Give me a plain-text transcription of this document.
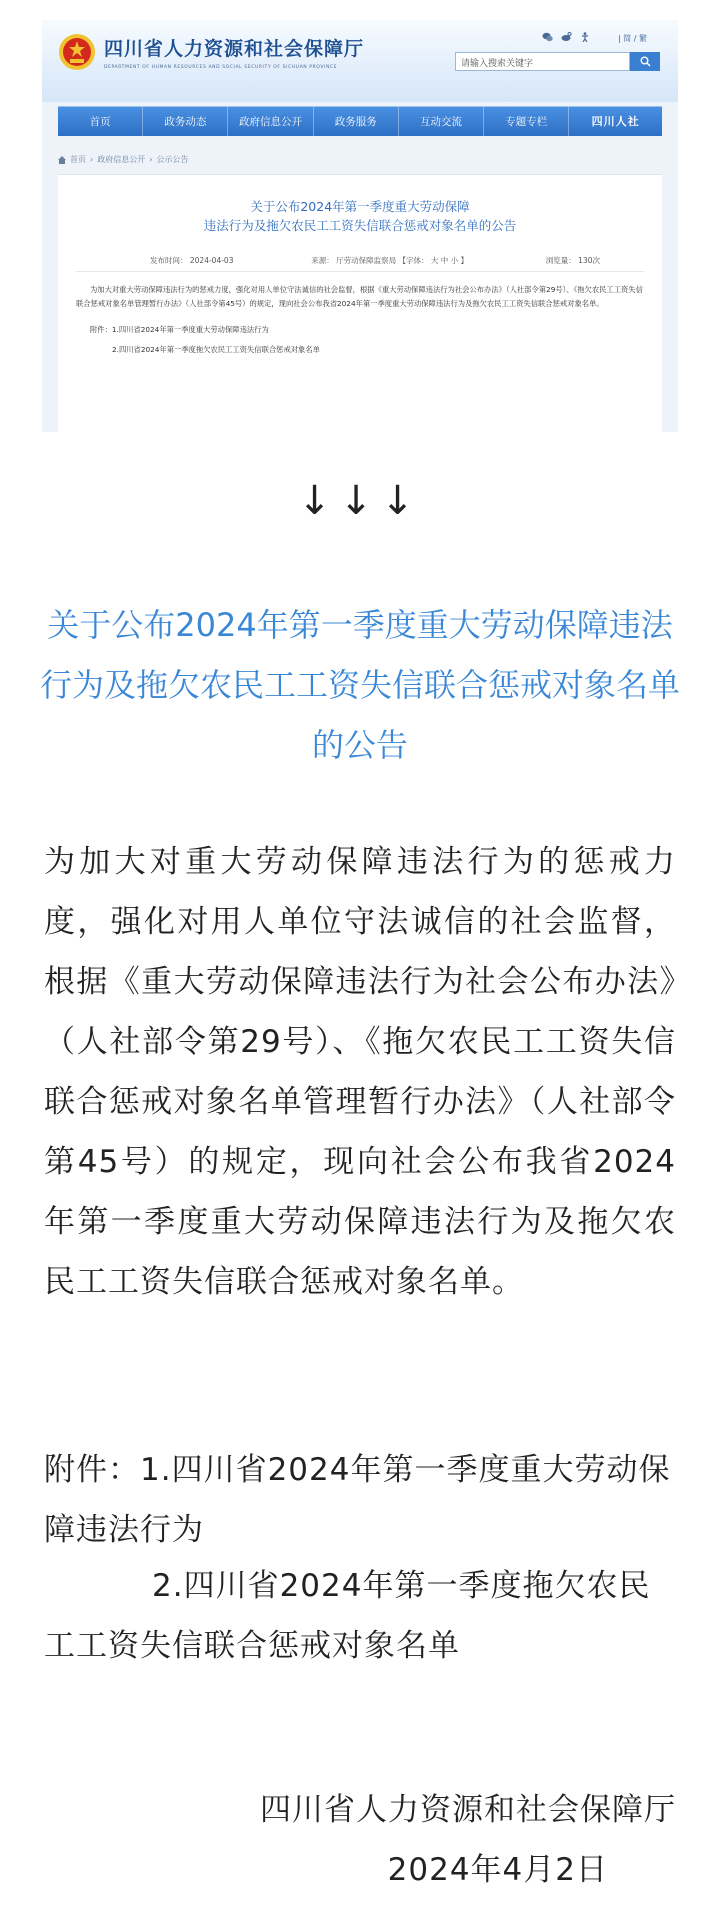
四川省人力资源和社会保障厅
DEPARTMENT OF HUMAN RESOURCES AND SOCIAL SECURITY OF SICHUAN PROVINCE
| 简 / 繁
请输入搜索关键字
首页	政务动态	政府信息公开	政务服务	互动交流	专题专栏	四川人社
首页 › 政府信息公开 › 公示公告
关于公布2024年第一季度重大劳动保障
违法行为及拖欠农民工工资失信联合惩戒对象名单的公告
发布时间： 2024-04-03	来源： 厅劳动保障监察局 【字体： 大 中 小 】	浏览量： 130次

为加大对重大劳动保障违法行为的惩戒力度，强化对用人单位守法诚信的社会监督，根据《重大劳动保障违法行为社会公布办法》（人社部令第29号）、《拖欠农民工工资失信联合惩戒对象名单管理暂行办法》（人社部令第45号）的规定，现向社会公布我省2024年第一季度重大劳动保障违法行为及拖欠农民工工资失信联合惩戒对象名单。

附件：1.四川省2024年第一季度重大劳动保障违法行为

2.四川省2024年第一季度拖欠农民工工资失信联合惩戒对象名单

↓↓↓
关于公布2024年第一季度重大劳动保障违法行为及拖欠农民工工资失信联合惩戒对象名单的公告
为加大对重大劳动保障违法行为的惩戒力度，强化对用人单位守法诚信的社会监督，根据《重大劳动保障违法行为社会公布办法》（人社部令第29号）、《拖欠农民工工资失信联合惩戒对象名单管理暂行办法》（人社部令第45号）的规定，现向社会公布我省2024年第一季度重大劳动保障违法行为及拖欠农民工工资失信联合惩戒对象名单。
附件：1.四川省2024年第一季度重大劳动保障违法行为
2.四川省2024年第一季度拖欠农民工工资失信联合惩戒对象名单
四川省人力资源和社会保障厅
2024年4月2日
